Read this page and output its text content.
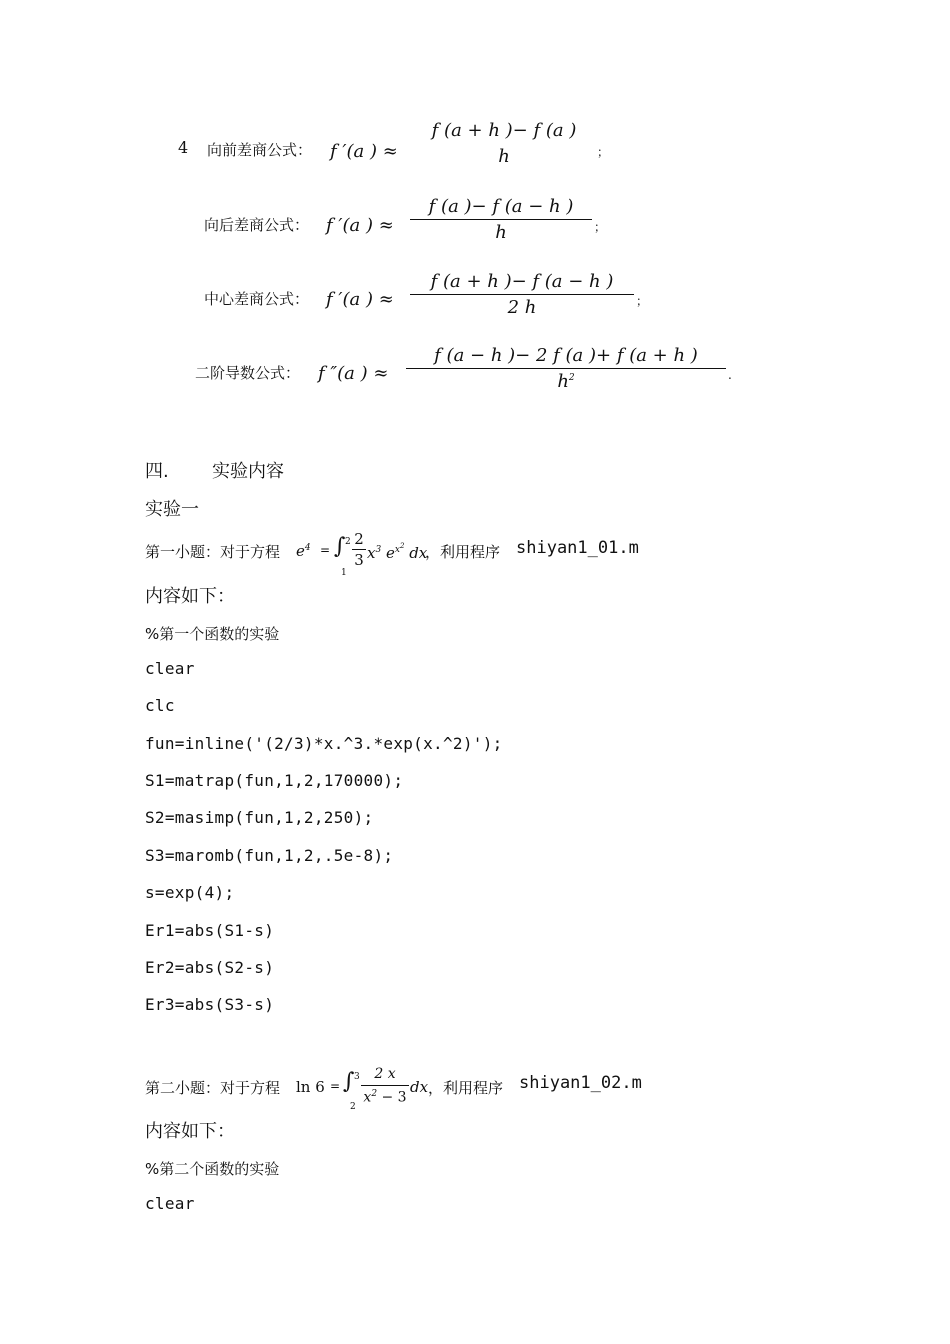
4 向前差商公式： f ′(a ) ≈
f (a + h )− f (a )
h	；
向后差商公式： f ′(a ) ≈
f (a )− f (a − h )
h	；
中心差商公式： f ′(a ) ≈
f (a + h )− f (a − h )
2 h	；
二阶导数公式： f ″(a ) ≈
f (a − h )− 2 f (a )+ f (a + h )
$h^2$	.
四. 实验内容
实验一
第一小题：对于方程 $e^4$ = ∫ 2
1
2
3 $x^3$ $e^{x^2}$ dx
，利用程序 shiyan1_01.m
内容如下：
%第一个函数的实验
clear
clc
fun=inline('(2/3)*x.^3.*exp(x.^2)');
S1=matrap(fun,1,2,170000);
S2=masimp(fun,1,2,250);
S3=maromb(fun,1,2,.5e-8);
s=exp(4);
Er1=abs(S1-s)
Er2=abs(S2-s)
Er3=abs(S3-s)
第二小题：对于方程 ln 6 = ∫ 3
2
2 x
$x^2 - 3$
dx ，利用程序 shiyan1_02.m
内容如下：
%第二个函数的实验
clear
